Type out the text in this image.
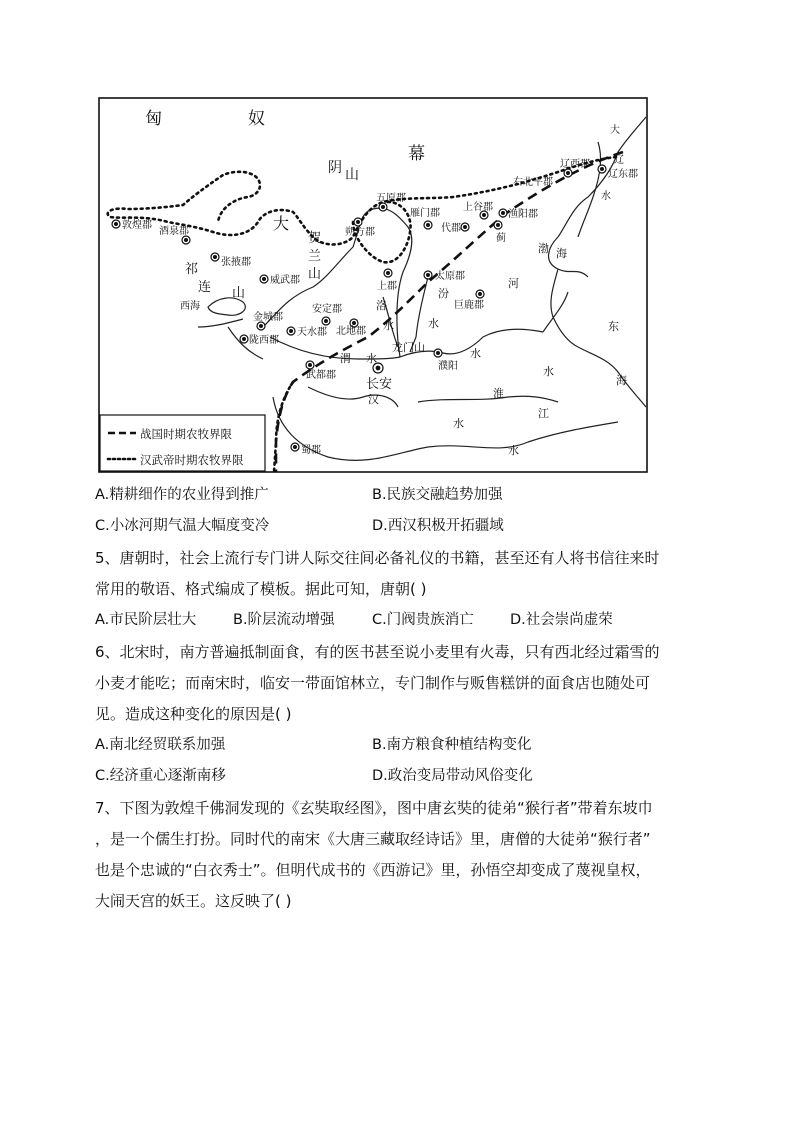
匈	奴
幕
阴 山
大
贺
兰
山
祁
连 山
西海
敦煌郡
酒泉郡
张掖郡
威武郡
金城郡
陇西郡
天水郡
安定郡
北地郡
武都郡
长安
蜀郡
五原郡
朔方郡
雁门郡
代郡
上郡
太原郡
巨鹿郡
濮阳
上谷郡
渔阳郡
蓟
右北平郡
辽西郡
辽东郡
大
辽
水
龙门山
洛
水
汾
水
渭 水
汉
水
河
水
淮
江
水
水
渤 海
东
海
战国时期农牧界限
汉武帝时期农牧界限
A.精耕细作的农业得到推广	B.民族交融趋势加强
C.小冰河期气温大幅度变冷	D.西汉积极开拓疆域
5、唐朝时，社会上流行专门讲人际交往间必备礼仪的书籍，甚至还有人将书信往来时
常用的敬语、格式编成了模板。据此可知，唐朝( )
A.市民阶层壮大	B.阶层流动增强	C.门阀贵族消亡	D.社会崇尚虚荣
6、北宋时，南方普遍抵制面食，有的医书甚至说小麦里有火毒，只有西北经过霜雪的
小麦才能吃；而南宋时，临安一带面馆林立，专门制作与贩售糕饼的面食店也随处可
见。造成这种变化的原因是( )
A.南北经贸联系加强	B.南方粮食种植结构变化
C.经济重心逐渐南移	D.政治变局带动风俗变化
7、下图为敦煌千佛洞发现的《玄奘取经图》，图中唐玄奘的徒弟“猴行者”带着东坡巾
，是一个儒生打扮。同时代的南宋《大唐三藏取经诗话》里，唐僧的大徒弟“猴行者”
也是个忠诚的“白衣秀士”。但明代成书的《西游记》里，孙悟空却变成了蔑视皇权，
大闹天宫的妖王。这反映了( )
